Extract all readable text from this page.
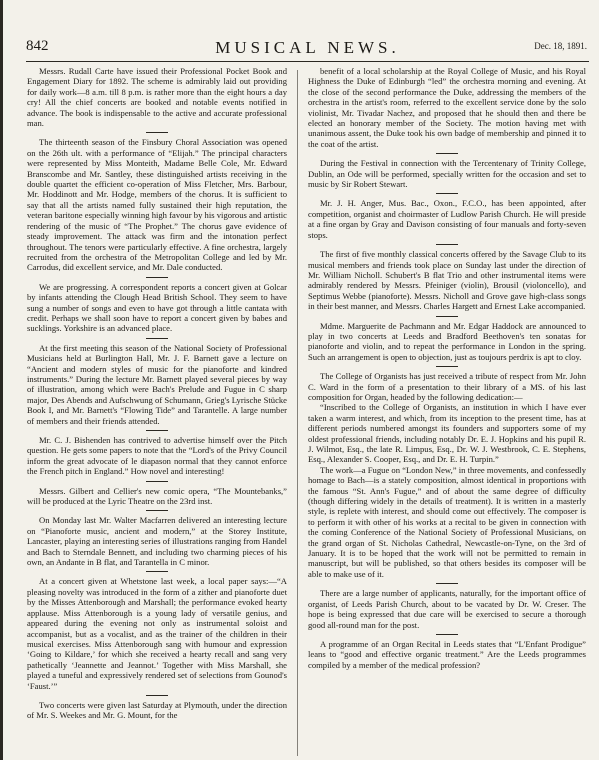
842	MUSICAL NEWS.	Dec. 18, 1891.

Messrs. Rudall Carte have issued their Professional Pocket Book and Engagement Diary for 1892. The scheme is admirably laid out providing for daily work—8 a.m. till 8 p.m. is rather more than the eight hours a day cry! All the chief concerts are booked and notable events notified in advance. The book is indispensable to the active and accurate professional man.

The thirteenth season of the Finsbury Choral Association was opened on the 26th ult. with a performance of “Elijah.” The principal characters were represented by Miss Monteith, Madame Belle Cole, Mr. Edward Branscombe and Mr. Santley, these distinguished artists receiving in the double quartet the efficient co-operation of Miss Fletcher, Mrs. Barbour, Mr. Hoddinott and Mr. Hodge, members of the chorus. It is sufficient to say that all the artists named fully sustained their high reputation, the veteran baritone especially winning high favour by his vigorous and artistic rendering of the music of “The Prophet.” The chorus gave evidence of steady improvement. The attack was firm and the intonation perfect throughout. The tenors were particularly effective. A fine orchestra, largely recruited from the orchestra of the Metropolitan College and led by Mr. Carrodus, did excellent service, and Mr. Dale conducted.

We are progressing. A correspondent reports a concert given at Golcar by infants attending the Clough Head British School. They seem to have sung a number of songs and even to have got through a little cantata with credit. Perhaps we shall soon have to report a concert given by babes and sucklings. Yorkshire is an advanced place.

At the first meeting this season of the National Society of Professional Musicians held at Burlington Hall, Mr. J. F. Barnett gave a lecture on “Ancient and modern styles of music for the pianoforte and kindred instruments.” During the lecture Mr. Barnett played several pieces by way of illustration, among which were Bach's Prelude and Fugue in C sharp major, Des Abends and Aufschwung of Schumann, Grieg's Lyrische Stücke Book I, and Mr. Barnett's “Flowing Tide” and Tarantelle. A large number of members and their friends attended.

Mr. C. J. Bishenden has contrived to advertise himself over the Pitch question. He gets some papers to note that the “Lord's of the Privy Council inform the great advocate of le diapason normal that they cannot enforce the French pitch in England.” How novel and interesting!

Messrs. Gilbert and Cellier's new comic opera, “The Mountebanks,” will be produced at the Lyric Theatre on the 23rd inst.

On Monday last Mr. Walter Macfarren delivered an interesting lecture on “Pianoforte music, ancient and modern,” at the Storey Institute, Lancaster, playing an interesting series of illustrations ranging from Handel and Bach to Sterndale Bennett, and including two charming pieces of his own, an Andante in B flat, and Tarantella in C minor.

At a concert given at Whetstone last week, a local paper says:—“A pleasing novelty was introduced in the form of a zither and pianoforte duet by the Misses Attenborough and Marshall; the performance evoked hearty applause. Miss Attenborough is a young lady of versatile genius, and appeared during the evening not only as instrumental soloist and accompanist, but as a vocalist, and as the trainer of the children in their musical exercises. Miss Attenborough sang with humour and expression ‘Going to Kildare,’ for which she received a hearty recall and sang very pathetically ‘Jeannette and Jeannot.’ Together with Miss Marshall, she played a tuneful and expressively rendered set of selections from Gounod's ‘Faust.’”

Two concerts were given last Saturday at Plymouth, under the direction of Mr. S. Weekes and Mr. G. Mount, for the

benefit of a local scholarship at the Royal College of Music, and his Royal Highness the Duke of Edinburgh “led” the orchestra morning and evening. At the close of the second performance the Duke, addressing the members of the orchestra in the artist's room, referred to the excellent service done by the solo violinist, Mr. Tivadar Nachez, and proposed that he should then and there be elected an honorary member of the Society. The motion having met with unanimous assent, the Duke took his own badge of membership and pinned it to the coat of the artist.

During the Festival in connection with the Tercentenary of Trinity College, Dublin, an Ode will be performed, specially written for the occasion and set to music by Sir Robert Stewart.

Mr. J. H. Anger, Mus. Bac., Oxon., F.C.O., has been appointed, after competition, organist and choirmaster of Ludlow Parish Church. He will preside at a fine organ by Gray and Davison consisting of four manuals and forty-seven stops.

The first of five monthly classical concerts offered by the Savage Club to its musical members and friends took place on Sunday last under the direction of Mr. William Nicholl. Schubert's B flat Trio and other instrumental items were admirably rendered by Messrs. Pfeiniger (violin), Brousil (violoncello), and Septimus Webbe (pianoforte). Messrs. Nicholl and Grove gave high-class songs in their best manner, and Messrs. Charles Hargett and Ernest Lake accompanied.

Mdme. Marguerite de Pachmann and Mr. Edgar Haddock are announced to play in two concerts at Leeds and Bradford Beethoven's ten sonatas for pianoforte and violin, and to repeat the performance in London in the spring. Such an arrangement is open to objection, just as toujours perdrix is apt to cloy.

The College of Organists has just received a tribute of respect from Mr. John C. Ward in the form of a presentation to their library of a MS. of his last composition for Organ, headed by the following dedication:—

“Inscribed to the College of Organists, an institution in which I have ever taken a warm interest, and which, from its inception to the present time, has at different periods numbered amongst its founders and supporters some of my oldest professional friends, including notably Dr. E. J. Hopkins and his pupil R. J. Wilmot, Esq., the late R. Limpus, Esq., Dr. W. J. Westbrook, C. E. Stephens, Esq., Alexander S. Cooper, Esq., and Dr. E. H. Turpin.”

The work—a Fugue on “London New,” in three movements, and confessedly homage to Bach—is a stately composition, almost identical in proportions with the famous “St. Ann's Fugue,” and of about the same degree of difficulty (though differing widely in the details of treatment). It is written in a masterly style, is replete with interest, and should come out effectively. The composer is to perform it with other of his works at a recital to be given in connection with the coming Conference of the National Society of Professional Musicians, on the grand organ of St. Nicholas Cathedral, Newcastle-on-Tyne, on the 3rd of January. It is to be hoped that the work will not be permitted to remain in manuscript, but will be published, so that others besides its composer will be able to make use of it.

There are a large number of applicants, naturally, for the important office of organist, of Leeds Parish Church, about to be vacated by Dr. W. Creser. The hope is being expressed that due care will be exercised to secure a thorough good all-round man for the post.

A programme of an Organ Recital in Leeds states that “L'Enfant Prodigue” leans to “good and effective organic treatment.” Are the Leeds programmes compiled by a member of the medical profession?
